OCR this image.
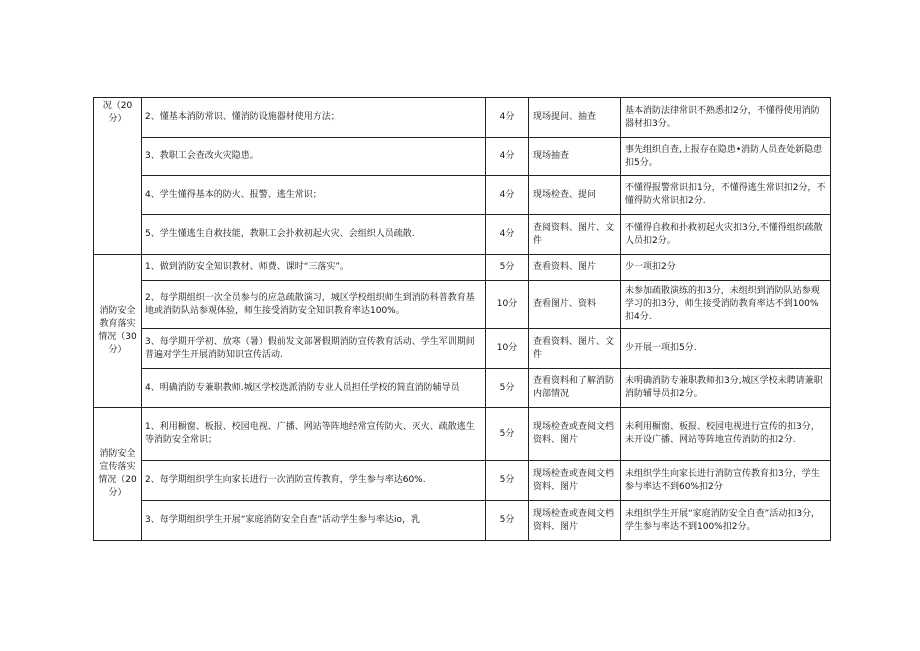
况（20分）	2、懂基本消防常识、懂消防设施器材使用方法；	4分	现场提问、抽查	基本消防法律常识不熟悉扣2分，不懂得使用消防器材扣3分。
	3、教职工会查改火灾隐患。	4分	现场抽查	事先组织自查,上报存在隐患•消防人员查处新隐患扣5分。
	4、学生懂得基本的防火、报警、逃生常识；	4分	现场检查、提问	不懂得报警常识扣1分，不懂得逃生常识扣2分，不懂得防火常识扣2分.
	5、学生懂逃生自救技能，教职工会扑救初起火灾、会组织人员疏散.	4分	查阅资料、图片、文件	不懂得自救和扑救初起火灾扣3分,不懂得组织疏散人员扣2分。
消防安全教育落实情况（30分）	1、做到消防安全知识教材、师费、课时“三落实”。	5分	查看资料、图片	少一项扣2分
	2、每学期组织一次全员参与的应急疏散演习，城区学校组织师生到消防科普教育基地或消防队站参观体验，师生接受消防安全知识教育率达100%。	10分	查看图片、资料	未参加疏散演练的扣3分，未组织到消防队站参观学习的扣3分，师生接受消防教育率达不到100%扣4分.
	3、每学期开学初、放寒（暑）假前发文部署假期消防宣传教育活动、学生军训期间普遍对学生开展消防知识宣传活动.	10分	查看资料、图片、文件	少开展一项扣5分.
	4、明确消防专兼职教师.城区学校选派消防专业人员担任学校的简直消防辅导员	5分	查看资料和了解消防内部情况	未明确消防专兼职教师扣3分,城区学校未聘请兼职消防辅导员扣2分。
消防安全宣传落实情况（20分）	1、利用橱窗、板报、校园电视、广播、网站等阵地经常宣传防火、灭火、疏散逃生等消防安全常识；	5分	现场检查或查阅文档资料、图片	未利用橱窗、板报、校园电视进行宣传的扣3分，未开设广播、网站等阵地宣传消防的扣2分.
	2、每学期组织学生向家长进行一次消防宣传教育，学生参与率达60%.	5分	现场检查或查阅文档资料、图片	未组织学生向家长进行消防宣传教育扣3分，学生参与率达不到60%扣2分
	3、每学期组织学生开展“家庭消防安全自查”活动学生参与率达io，乳	5分	现场检查或查阅文档资料、图片	未组织学生开展“家庭消防安全自查”活动扣3分，学生参与率达不到100%扣2分。
